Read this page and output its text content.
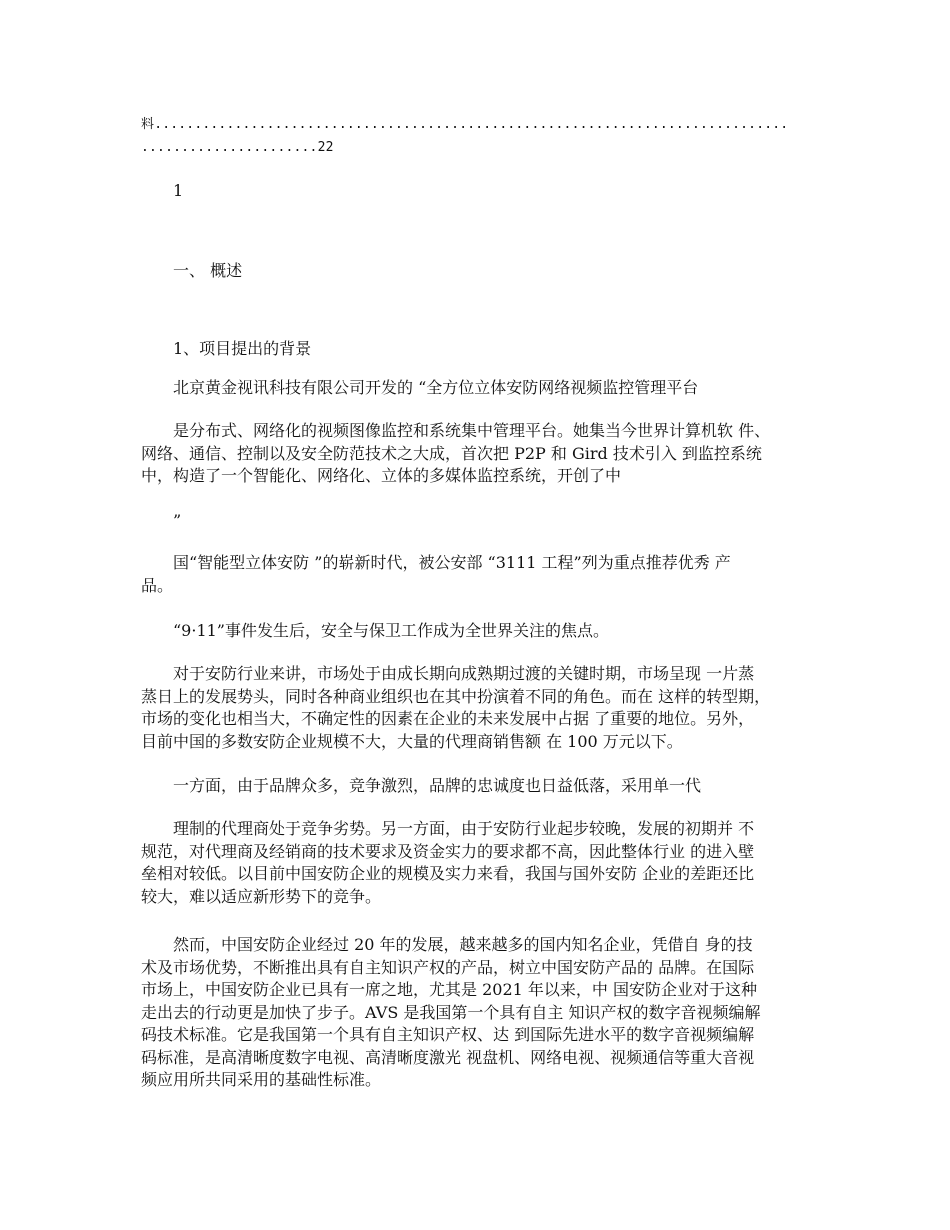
料...............................................................................
......................22
1
一、 概述
1、项目提出的背景
北京黄金视讯科技有限公司开发的 “全方位立体安防网络视频监控管理平台
是分布式、网络化的视频图像监控和系统集中管理平台。她集当今世界计算机软 件、
网络、通信、控制以及安全防范技术之大成，首次把 P2P 和 Gird 技术引入 到监控系统
中，构造了一个智能化、网络化、立体的多媒体监控系统，开创了中
”
国“智能型立体安防 ”的崭新时代，被公安部 “3111 工程”列为重点推荐优秀 产
品。
“9·11”事件发生后，安全与保卫工作成为全世界关注的焦点。
对于安防行业来讲，市场处于由成长期向成熟期过渡的关键时期，市场呈现 一片蒸
蒸日上的发展势头，同时各种商业组织也在其中扮演着不同的角色。而在 这样的转型期，
市场的变化也相当大，不确定性的因素在企业的未来发展中占据 了重要的地位。另外，
目前中国的多数安防企业规模不大，大量的代理商销售额 在 100 万元以下。
一方面，由于品牌众多，竞争激烈，品牌的忠诚度也日益低落，采用单一代
理制的代理商处于竞争劣势。另一方面，由于安防行业起步较晚，发展的初期并 不
规范，对代理商及经销商的技术要求及资金实力的要求都不高，因此整体行业 的进入壁
垒相对较低。以目前中国安防企业的规模及实力来看，我国与国外安防 企业的差距还比
较大，难以适应新形势下的竞争。
然而，中国安防企业经过 20 年的发展，越来越多的国内知名企业，凭借自 身的技
术及市场优势，不断推出具有自主知识产权的产品，树立中国安防产品的 品牌。在国际
市场上，中国安防企业已具有一席之地，尤其是 2021 年以来，中 国安防企业对于这种
走出去的行动更是加快了步子。AVS 是我国第一个具有自主 知识产权的数字音视频编解
码技术标准。它是我国第一个具有自主知识产权、达 到国际先进水平的数字音视频编解
码标准，是高清晰度数字电视、高清晰度激光 视盘机、网络电视、视频通信等重大音视
频应用所共同采用的基础性标准。
